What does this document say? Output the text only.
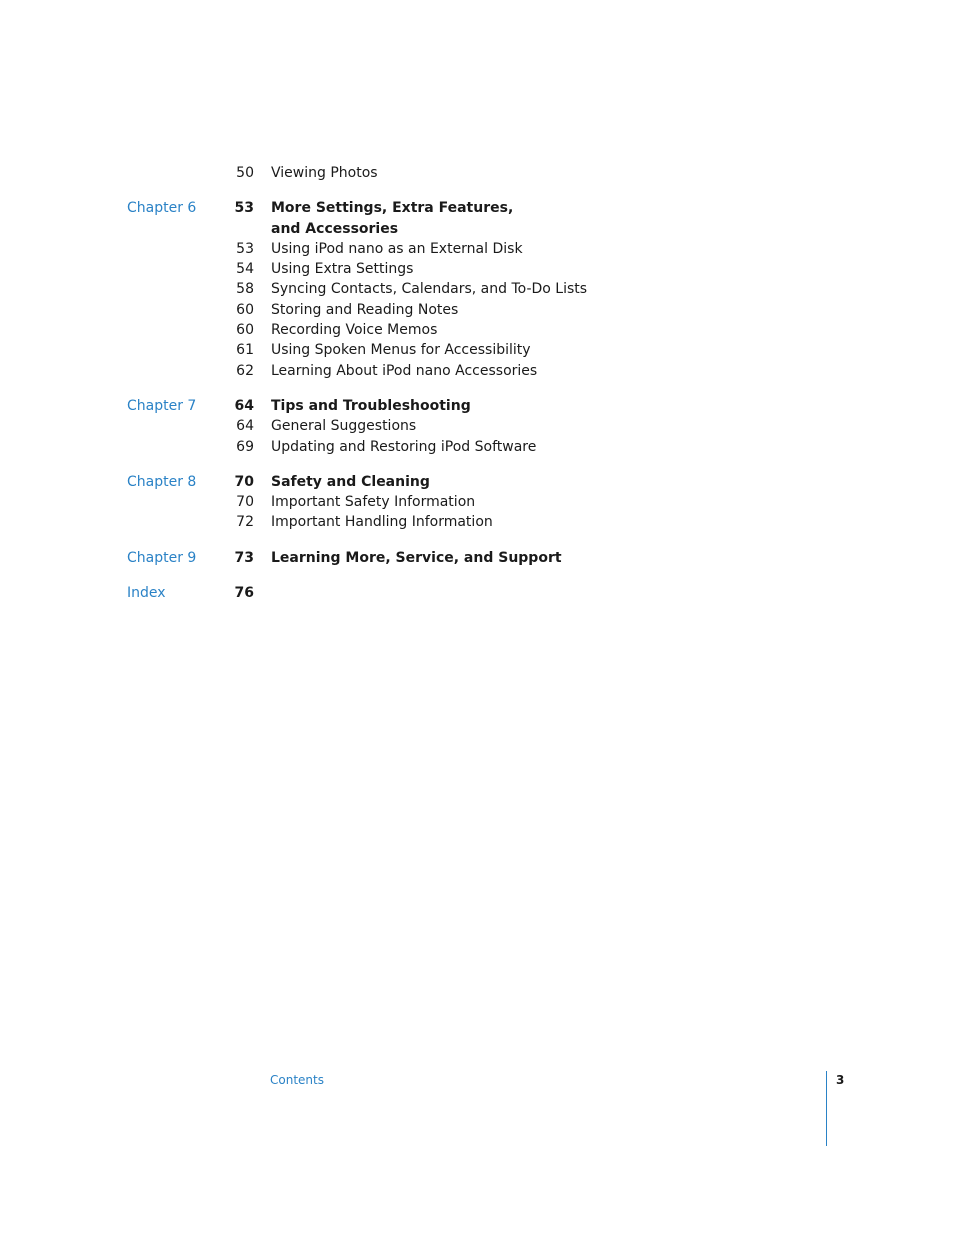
50 Viewing Photos
Chapter 6	53 More Settings, Extra Features, and Accessories
53 Using iPod nano as an External Disk
54 Using Extra Settings
58 Syncing Contacts, Calendars, and To-Do Lists
60 Storing and Reading Notes
60 Recording Voice Memos
61 Using Spoken Menus for Accessibility
62 Learning About iPod nano Accessories
Chapter 7	64 Tips and Troubleshooting
64 General Suggestions
69 Updating and Restoring iPod Software
Chapter 8	70 Safety and Cleaning
70 Important Safety Information
72 Important Handling Information
Chapter 9	73 Learning More, Service, and Support
Index	76
Contents	3
